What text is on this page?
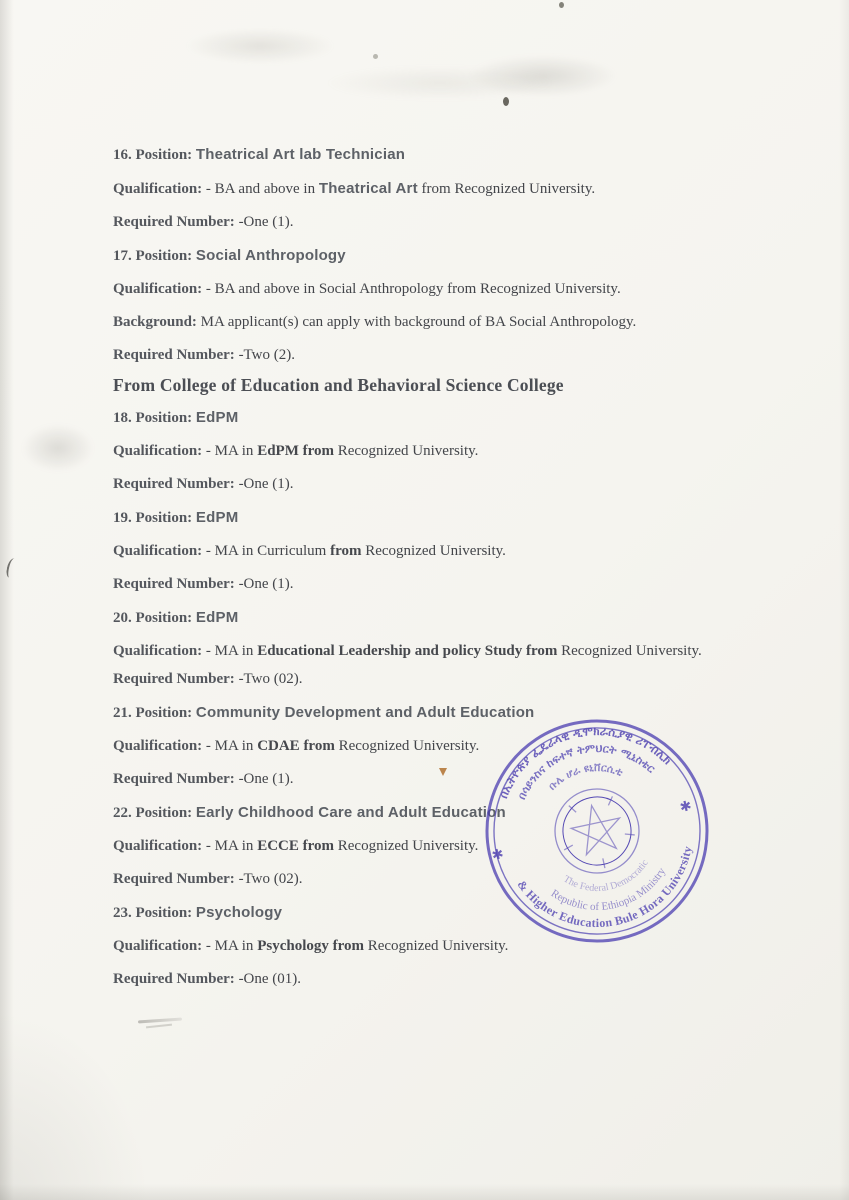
16. Position: Theatrical Art lab Technician
Qualification: - BA and above in Theatrical Art from Recognized University.
Required Number: -One (1).
17. Position: Social Anthropology
Qualification: - BA and above in Social Anthropology from Recognized University.
Background: MA applicant(s) can apply with background of BA Social Anthropology.
Required Number: -Two (2).
From College of Education and Behavioral Science College
18. Position: EdPM
Qualification: - MA in EdPM from Recognized University.
Required Number: -One (1).
19. Position: EdPM
Qualification: - MA in Curriculum from Recognized University.
Required Number: -One (1).
20. Position: EdPM
Qualification: - MA in Educational Leadership and policy Study from Recognized University.
Required Number: -Two (02).
21. Position: Community Development and Adult Education
Qualification: - MA in CDAE from Recognized University.
Required Number: -One (1).
22. Position: Early Childhood Care and Adult Education
Qualification: - MA in ECCE from Recognized University.
Required Number: -Two (02).
23. Position: Psychology
Qualification: - MA in Psychology from Recognized University.
Required Number: -One (01).
በኢትዮጵያ ፌዴራላዊ ዲሞክራሲያዊ ሪፐብሊክ
በሳይንስና ከፍተኛ ትምህርት ሚኒስቴር
ቡሌ ሆራ ዩኒቨርሲቲ
The Federal Democratic
Republic of Ethiopia Ministry
& Higher Education Bule Hora University
✱
✱
